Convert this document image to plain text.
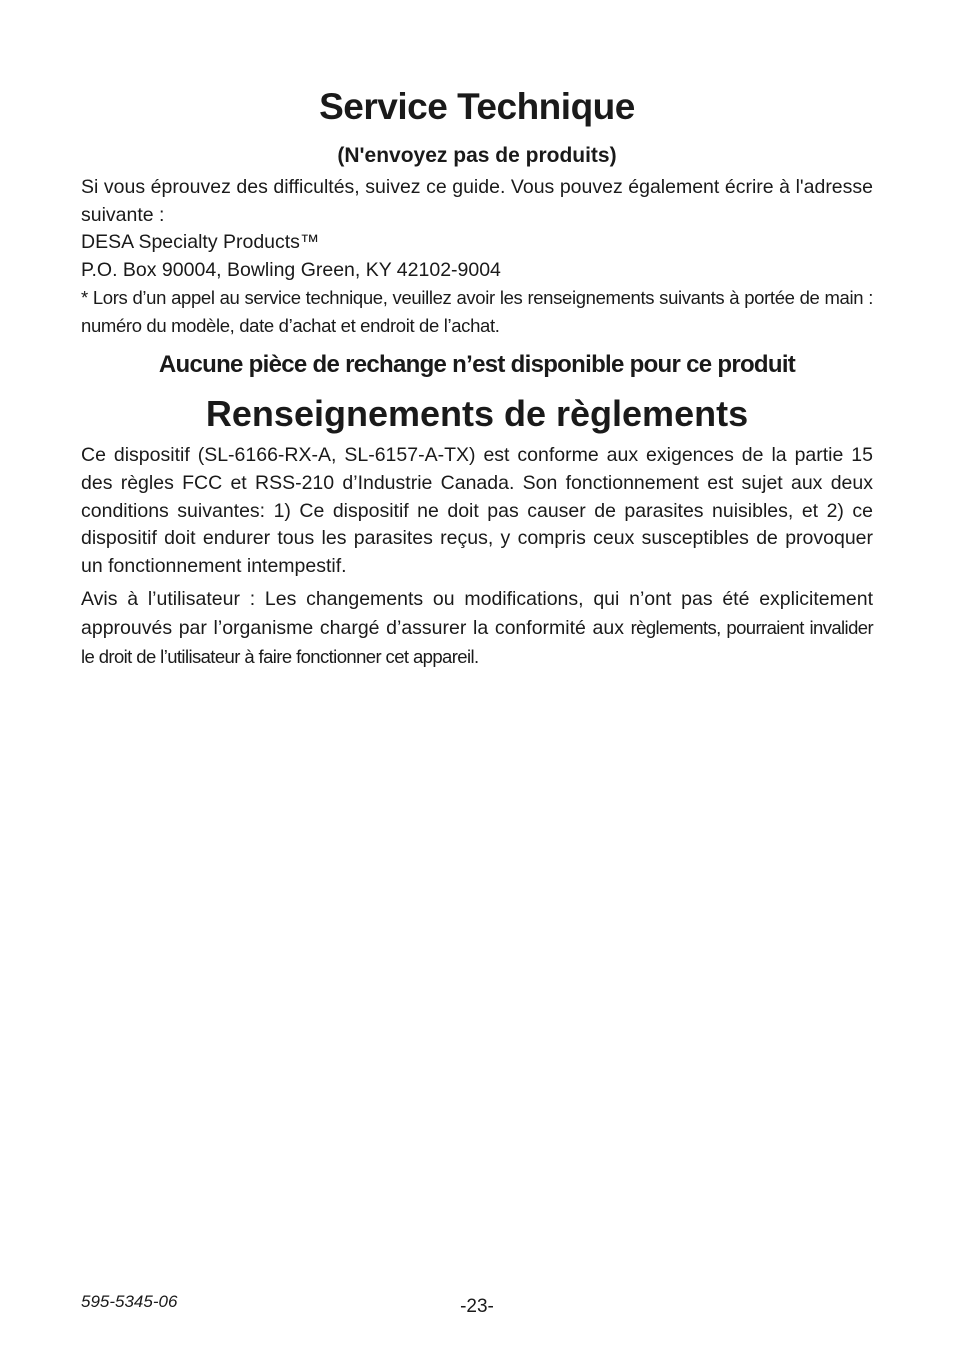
Service Technique
(N'envoyez pas de produits)

Si vous éprouvez des difficultés, suivez ce guide. Vous pouvez également écrire à l'adresse suivante :

DESA Specialty Products™

P.O. Box 90004, Bowling Green, KY 42102-9004

* Lors d’un appel au service technique, veuillez avoir les renseignements suivants à portée de main : numéro du modèle, date d’achat et endroit de l’achat.

Aucune pièce de rechange n’est disponible pour ce produit
Renseignements de règlements

Ce dispositif (SL-6166-RX-A, SL-6157-A-TX) est conforme aux exigences de la partie 15 des règles FCC et RSS-210 d’Industrie Canada. Son fonctionnement est sujet aux deux conditions suivantes: 1) Ce dispositif ne doit pas causer de parasites nuisibles, et 2) ce dispositif doit endurer tous les parasites reçus, y compris ceux susceptibles de provoquer un fonctionnement intempestif.

Avis à l’utilisateur : Les changements ou modifications, qui n’ont pas été explicitement approuvés par l’organisme chargé d’assurer la conformité aux règlements, pourraient invalider le droit de l’utilisateur à faire fonctionner cet appareil.

595-5345-06	-23-
